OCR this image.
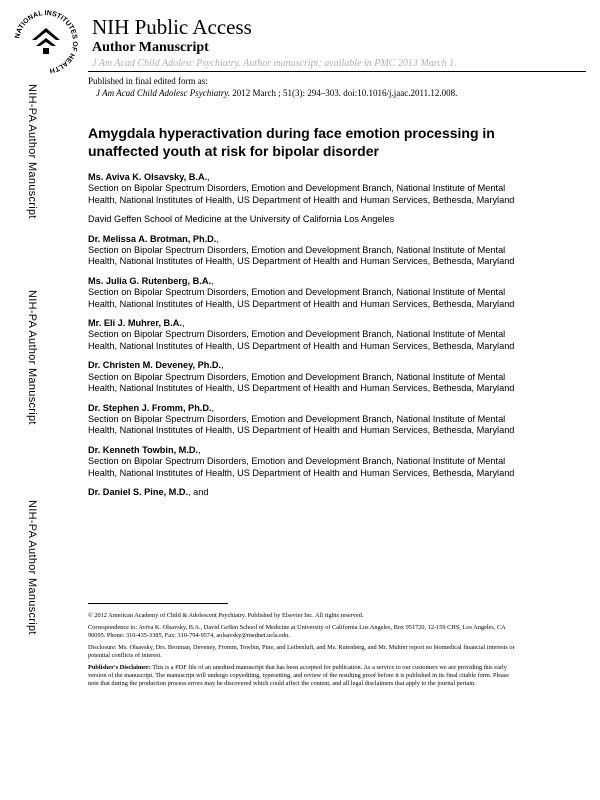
NATIONAL INSTITUTES OF HEALTH
NIH Public Access
Author Manuscript
J Am Acad Child Adolesc Psychiatry. Author manuscript; available in PMC 2013 March 1.
Published in final edited form as:
J Am Acad Child Adolesc Psychiatry. 2012 March ; 51(3): 294–303. doi:10.1016/j.jaac.2011.12.008.
NIH-PA Author Manuscript
NIH-PA Author Manuscript
NIH-PA Author Manuscript
Amygdala hyperactivation during face emotion processing in unaffected youth at risk for bipolar disorder
Ms. Aviva K. Olsavsky, B.A.,
Section on Bipolar Spectrum Disorders, Emotion and Development Branch, National Institute of Mental Health, National Institutes of Health, US Department of Health and Human Services, Bethesda, Maryland
David Geffen School of Medicine at the University of California Los Angeles
Dr. Melissa A. Brotman, Ph.D.,
Section on Bipolar Spectrum Disorders, Emotion and Development Branch, National Institute of Mental Health, National Institutes of Health, US Department of Health and Human Services, Bethesda, Maryland
Ms. Julia G. Rutenberg, B.A.,
Section on Bipolar Spectrum Disorders, Emotion and Development Branch, National Institute of Mental Health, National Institutes of Health, US Department of Health and Human Services, Bethesda, Maryland
Mr. Eli J. Muhrer, B.A.,
Section on Bipolar Spectrum Disorders, Emotion and Development Branch, National Institute of Mental Health, National Institutes of Health, US Department of Health and Human Services, Bethesda, Maryland
Dr. Christen M. Deveney, Ph.D.,
Section on Bipolar Spectrum Disorders, Emotion and Development Branch, National Institute of Mental Health, National Institutes of Health, US Department of Health and Human Services, Bethesda, Maryland
Dr. Stephen J. Fromm, Ph.D.,
Section on Bipolar Spectrum Disorders, Emotion and Development Branch, National Institute of Mental Health, National Institutes of Health, US Department of Health and Human Services, Bethesda, Maryland
Dr. Kenneth Towbin, M.D.,
Section on Bipolar Spectrum Disorders, Emotion and Development Branch, National Institute of Mental Health, National Institutes of Health, US Department of Health and Human Services, Bethesda, Maryland
Dr. Daniel S. Pine, M.D., and

© 2012 American Academy of Child & Adolescent Psychiatry. Published by Elsevier Inc. All rights reserved.

Correspondence to: Aviva K. Olsavsky, B.A., David Geffen School of Medicine at University of California Los Angeles, Box 951720, 12-159 CHS, Los Angeles, CA 90095. Phone: 310-435-3385, Fax: 310-794-9574, aolsavsky@mednet.ucla.edu.

Disclosure: Ms. Olsavsky, Drs. Brotman, Deveney, Fromm, Towbin, Pine, and Leibenluft, and Ms. Rutenberg, and Mr. Muhrer report no biomedical financial interests or potential conflicts of interest.

Publisher's Disclaimer: This is a PDF file of an unedited manuscript that has been accepted for publication. As a service to our customers we are providing this early version of the manuscript. The manuscript will undergo copyediting, typesetting, and review of the resulting proof before it is published in its final citable form. Please note that during the production process errors may be discovered which could affect the content, and all legal disclaimers that apply to the journal pertain.
